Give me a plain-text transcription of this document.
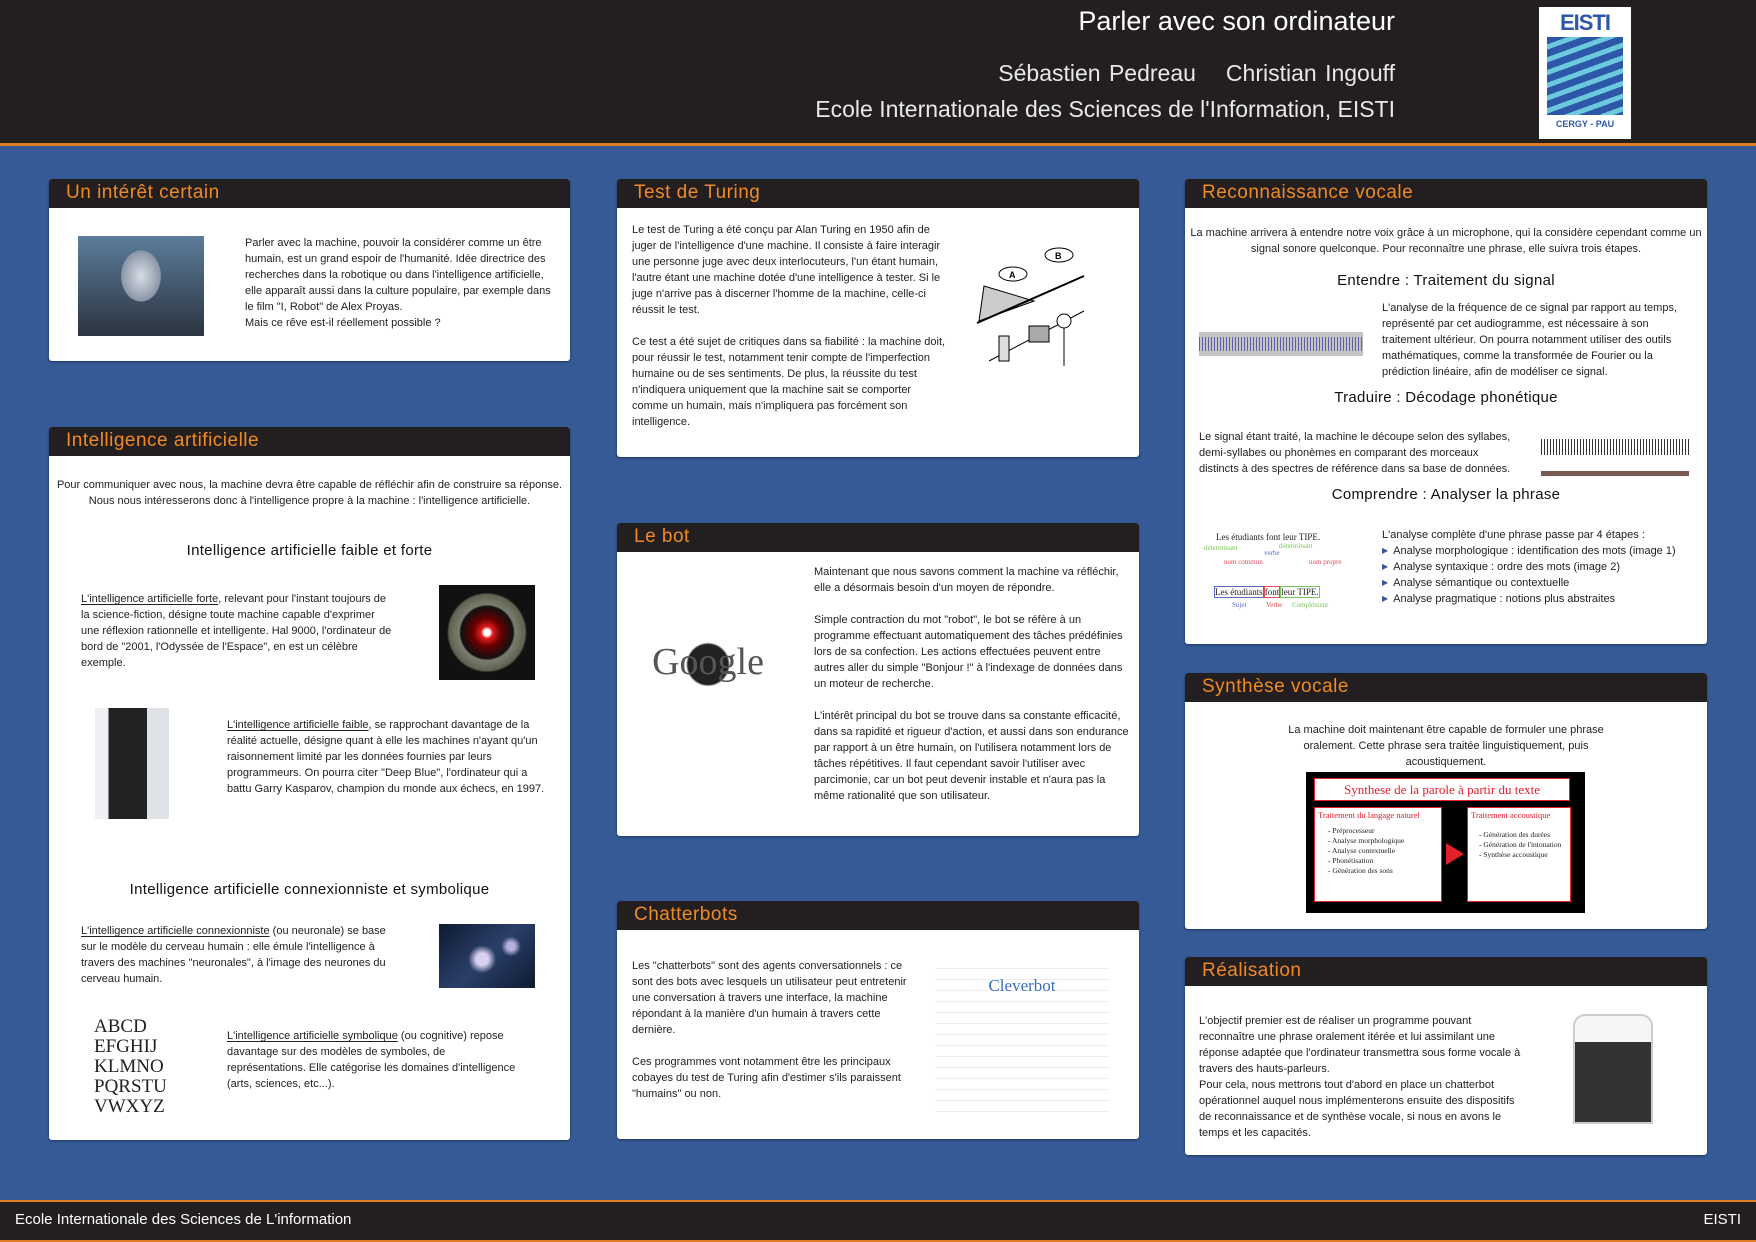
Parler avec son ordinateur
Sébastien Pedreau Christian Ingouff
Ecole Internationale des Sciences de l'Information, EISTI
EISTI
CERGY - PAU
Un intérêt certain

Parler avec la machine, pouvoir la considérer comme un être humain, est un grand espoir de l'humanité. Idée directrice des recherches dans la robotique ou dans l'intelligence artificielle, elle apparaît aussi dans la culture populaire, par exemple dans le film "I, Robot" de Alex Proyas.

Mais ce rêve est-il réellement possible ?
Intelligence artificielle
Pour communiquer avec nous, la machine devra être capable de réfléchir afin de construire sa réponse. Nous nous intéresserons donc à l'intelligence propre à la machine : l'intelligence artificielle.
Intelligence artificielle faible et forte
L'intelligence artificielle forte, relevant pour l'instant toujours de la science-fiction, désigne toute machine capable d'exprimer une réflexion rationnelle et intelligente. Hal 9000, l'ordinateur de bord de "2001, l'Odyssée de l'Espace", en est un célèbre exemple.
L'intelligence artificielle faible, se rapprochant davantage de la réalité actuelle, désigne quant à elle les machines n'ayant qu'un raisonnement limité par les données fournies par leurs programmeurs. On pourra citer "Deep Blue", l'ordinateur qui a battu Garry Kasparov, champion du monde aux échecs, en 1997.
Intelligence artificielle connexionniste et symbolique
L'intelligence artificielle connexionniste (ou neuronale) se base sur le modèle du cerveau humain : elle émule l'intelligence à travers des machines "neuronales", à l'image des neurones du cerveau humain.
ABCD
EFGHIJ
KLMNO
PQRSTU
VWXYZ
L'intelligence artificielle symbolique (ou cognitive) repose davantage sur des modèles de symboles, de représentations. Elle catégorise les domaines d'intelligence (arts, sciences, etc...).
Test de Turing

Le test de Turing a été conçu par Alan Turing en 1950 afin de juger de l'intelligence d'une machine. Il consiste à faire interagir une personne juge avec deux interlocuteurs, l'un étant humain, l'autre étant une machine dotée d'une intelligence à tester. Si le juge n'arrive pas à discerner l'homme de la machine, celle-ci réussit le test.

Ce test a été sujet de critiques dans sa fiabilité : la machine doit, pour réussir le test, notamment tenir compte de l'imperfection humaine ou de ses sentiments. De plus, la réussite du test n'indiquera uniquement que la machine sait se comporter comme un humain, mais n'impliquera pas forcément son intelligence.

A
B
Le bot
Google

Maintenant que nous savons comment la machine va réfléchir, elle a désormais besoin d'un moyen de répondre.

Simple contraction du mot "robot", le bot se réfère à un programme effectuant automatiquement des tâches prédéfinies lors de sa confection. Les actions effectuées peuvent entre autres aller du simple "Bonjour !" à l'indexage de données dans un moteur de recherche.

L'intérêt principal du bot se trouve dans sa constante efficacité, dans sa rapidité et rigueur d'action, et aussi dans son endurance par rapport à un être humain, on l'utilisera notamment lors de tâches répétitives. Il faut cependant savoir l'utiliser avec parcimonie, car un bot peut devenir instable et n'aura pas la même rationalité que son utilisateur.

Chatterbots

Les "chatterbots" sont des agents conversationnels : ce sont des bots avec lesquels un utilisateur peut entretenir une conversation à travers une interface, la machine répondant à la manière d'un humain à travers cette dernière.

Ces programmes vont notamment être les principaux cobayes du test de Turing afin d'estimer s'ils paraissent "humains" ou non.

Cleverbot
Reconnaissance vocale
La machine arrivera à entendre notre voix grâce à un microphone, qui la considère cependant comme un signal sonore quelconque. Pour reconnaître une phrase, elle suivra trois étapes.
Entendre : Traitement du signal
L'analyse de la fréquence de ce signal par rapport au temps, représenté par cet audiogramme, est nécessaire à son traitement ultérieur. On pourra notamment utiliser des outils mathématiques, comme la transformée de Fourier ou la prédiction linéaire, afin de modéliser ce signal.
Traduire : Décodage phonétique
Le signal étant traité, la machine le découpe selon des syllabes, demi-syllabes ou phonèmes en comparant des morceaux distincts à des spectres de référence dans sa base de données.
Comprendre : Analyser la phrase
Les étudiants font leur TIPE.
déterminant
nom commun
verbe
déterminant
nom propre
Les étudiants font leur TIPE.
Sujet	Verbe Complément
L'analyse complète d'une phrase passe par 4 étapes :
▶ Analyse morphologique : identification des mots (image 1)
▶ Analyse syntaxique : ordre des mots (image 2)
▶ Analyse sémantique ou contextuelle
▶ Analyse pragmatique : notions plus abstraites
Synthèse vocale
La machine doit maintenant être capable de formuler une phrase oralement. Cette phrase sera traitée linguistiquement, puis acoustiquement.
Synthese de la parole à partir du texte
Traitement du langage naturel
- Préprocesseur
- Analyse morphologique
- Analyse contextuelle
- Phonétisation
- Génération des sons
Traitement accoustique
- Génération des durées
- Génération de l'intonation
- Synthèse accoustique
Réalisation
L'objectif premier est de réaliser un programme pouvant reconnaître une phrase oralement itérée et lui assimilant une réponse adaptée que l'ordinateur transmettra sous forme vocale à travers des hauts-parleurs.
Pour cela, nous mettrons tout d'abord en place un chatterbot opérationnel auquel nous implémenterons ensuite des dispositifs de reconnaissance et de synthèse vocale, si nous en avons le temps et les capacités.
Ecole Internationale des Sciences de L'information	EISTI
